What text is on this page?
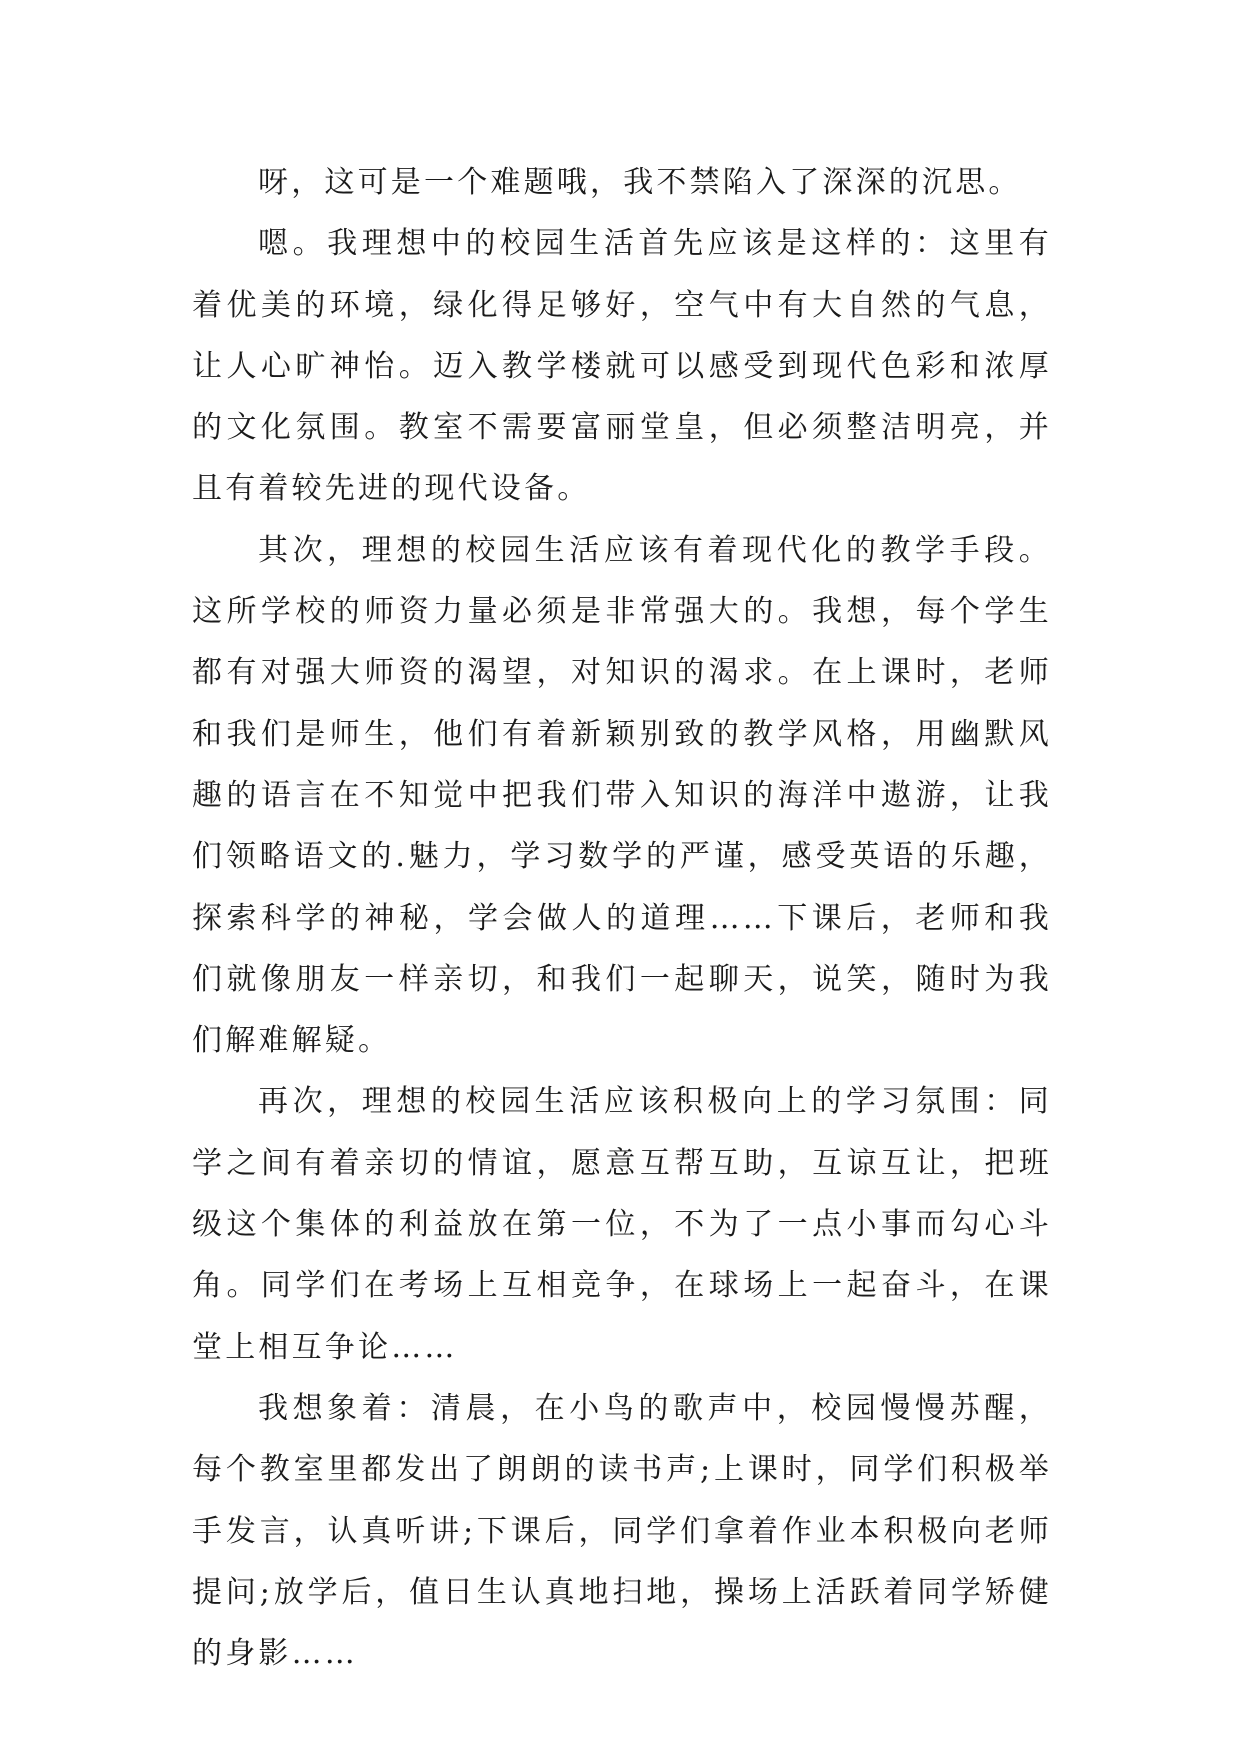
呀，这可是一个难题哦，我不禁陷入了深深的沉思。

嗯。我理想中的校园生活首先应该是这样的：这里有着优美的环境，绿化得足够好，空气中有大自然的气息，让人心旷神怡。迈入教学楼就可以感受到现代色彩和浓厚的文化氛围。教室不需要富丽堂皇，但必须整洁明亮，并且有着较先进的现代设备。

其次，理想的校园生活应该有着现代化的教学手段。这所学校的师资力量必须是非常强大的。我想，每个学生都有对强大师资的渴望，对知识的渴求。在上课时，老师和我们是师生，他们有着新颖别致的教学风格，用幽默风趣的语言在不知觉中把我们带入知识的海洋中遨游，让我们领略语文的.魅力，学习数学的严谨，感受英语的乐趣，探索科学的神秘，学会做人的道理……下课后，老师和我们就像朋友一样亲切，和我们一起聊天，说笑，随时为我们解难解疑。

再次，理想的校园生活应该积极向上的学习氛围：同学之间有着亲切的情谊，愿意互帮互助，互谅互让，把班级这个集体的利益放在第一位，不为了一点小事而勾心斗角。同学们在考场上互相竞争，在球场上一起奋斗，在课堂上相互争论……

我想象着：清晨，在小鸟的歌声中，校园慢慢苏醒，每个教室里都发出了朗朗的读书声;上课时，同学们积极举手发言，认真听讲;下课后，同学们拿着作业本积极向老师提问;放学后，值日生认真地扫地，操场上活跃着同学矫健的身影……
